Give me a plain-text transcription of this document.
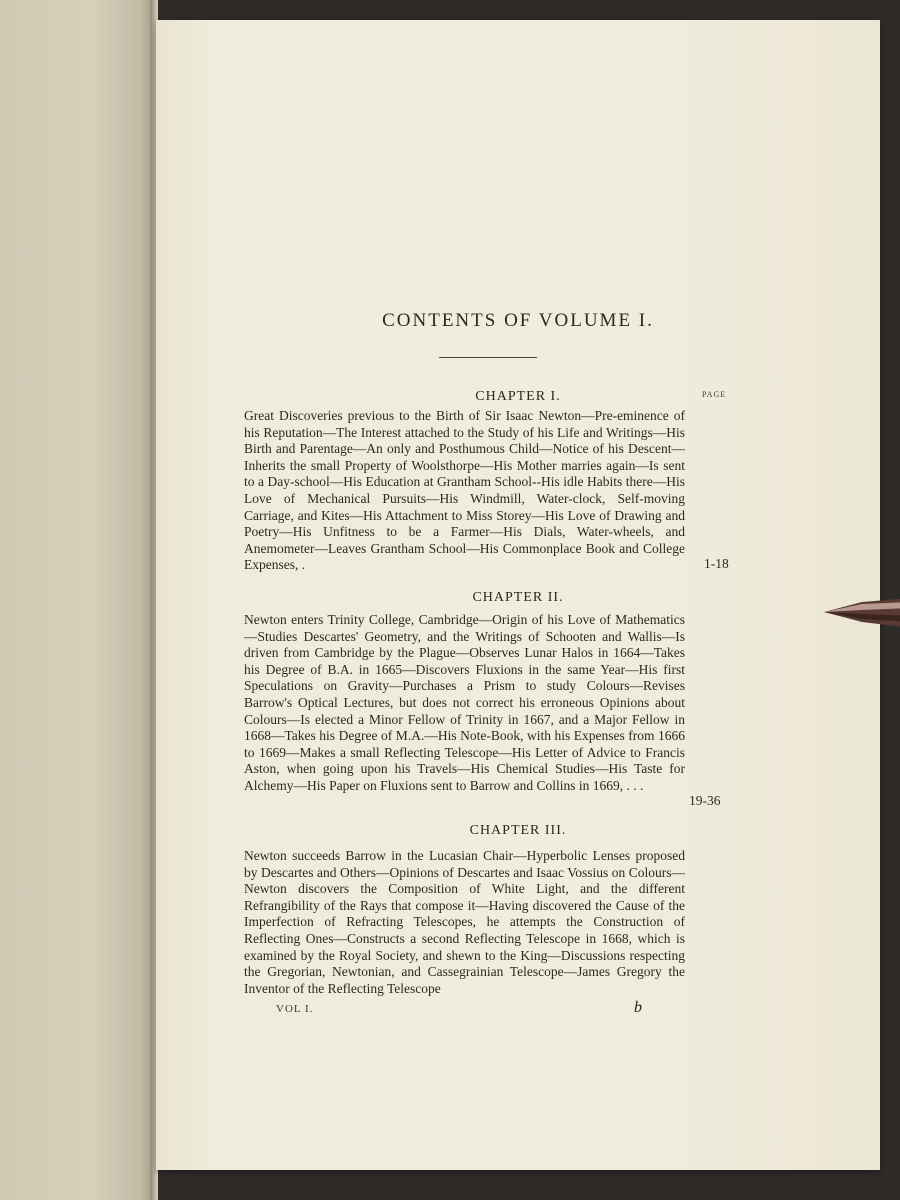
CONTENTS OF VOLUME I.
PAGE
CHAPTER I.

Great Discoveries previous to the Birth of Sir Isaac Newton—Pre-eminence of his Reputation—The Interest attached to the Study of his Life and Writings—His Birth and Parentage—An only and Posthumous Child—Notice of his Descent—Inherits the small Property of Woolsthorpe—His Mother marries again—Is sent to a Day-school—His Education at Grantham School--His idle Habits there—His Love of Mechanical Pursuits—His Windmill, Water-clock, Self-moving Carriage, and Kites—His Attachment to Miss Storey—His Love of Drawing and Poetry—His Unfitness to be a Farmer—His Dials, Water-wheels, and Anemometer—Leaves Grantham School—His Commonplace Book and College Expenses, .	1-18
CHAPTER II.

Newton enters Trinity College, Cambridge—Origin of his Love of Mathematics—Studies Descartes' Geometry, and the Writings of Schooten and Wallis—Is driven from Cambridge by the Plague—Observes Lunar Halos in 1664—Takes his Degree of B.A. in 1665—Discovers Fluxions in the same Year—His first Speculations on Gravity—Purchases a Prism to study Colours—Revises Barrow's Optical Lectures, but does not correct his erroneous Opinions about Colours—Is elected a Minor Fellow of Trinity in 1667, and a Major Fellow in 1668—Takes his Degree of M.A.—His Note-Book, with his Expenses from 1666 to 1669—Makes a small Reflecting Telescope—His Letter of Advice to Francis Aston, when going upon his Travels—His Chemical Studies—His Taste for Alchemy—His Paper on Fluxions sent to Barrow and Collins in 1669, . . .

19-36
CHAPTER III.

Newton succeeds Barrow in the Lucasian Chair—Hyperbolic Lenses proposed by Descartes and Others—Opinions of Descartes and Isaac Vossius on Colours—Newton discovers the Composition of White Light, and the different Refrangibility of the Rays that compose it—Having discovered the Cause of the Imperfection of Refracting Telescopes, he attempts the Construction of Reflecting Ones—Constructs a second Reflecting Telescope in 1668, which is examined by the Royal Society, and shewn to the King—Discussions respecting the Gregorian, Newtonian, and Cassegrainian Telescope—James Gregory the Inventor of the Reflecting Telescope

VOL I.	b
